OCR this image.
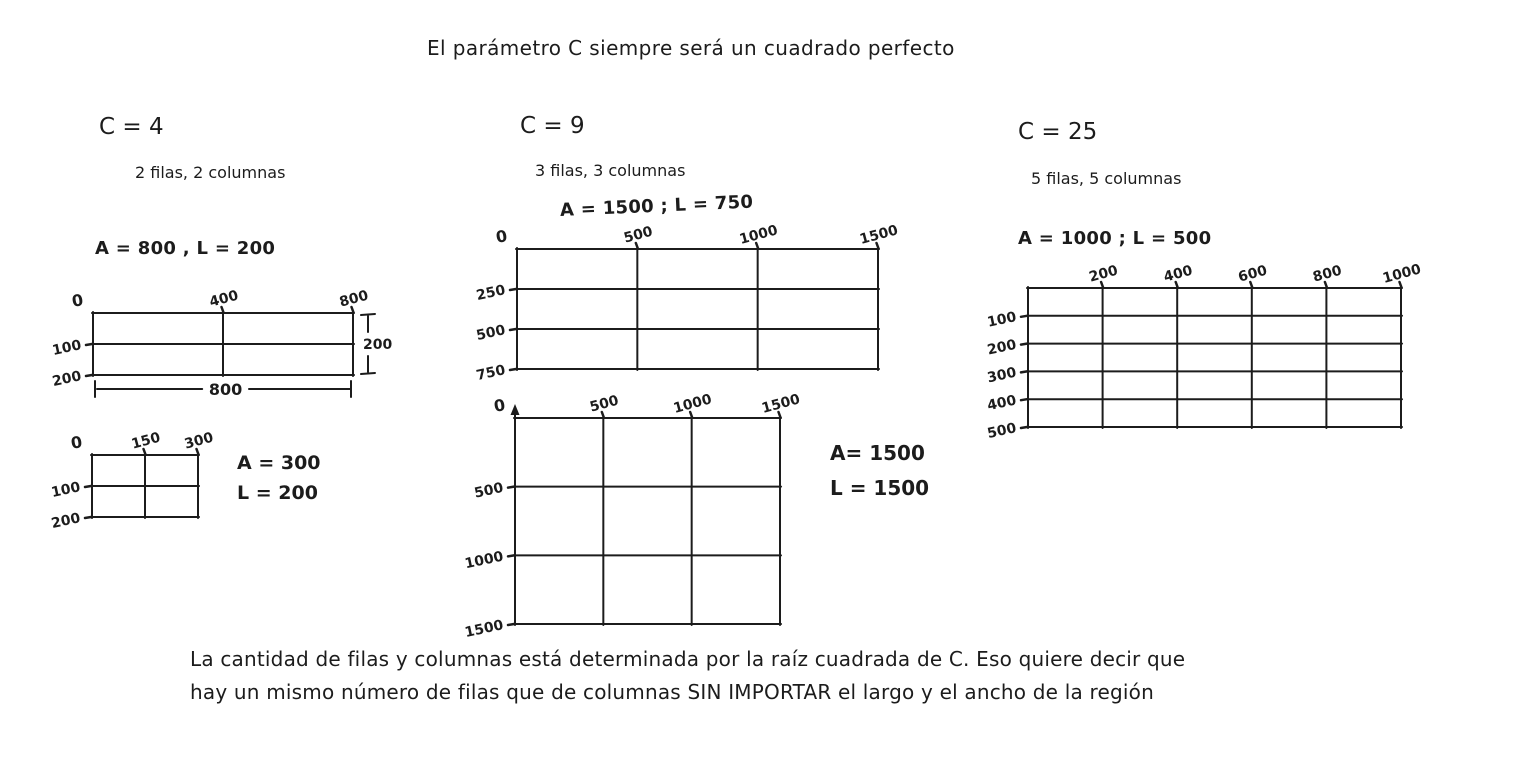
El parámetro C siempre será un cuadrado perfecto
C = 4
2 filas, 2 columnas
A = 800 , L = 200
C = 9
3 filas, 3 columnas
A = 1500 ; L = 750
C = 25
5 filas, 5 columnas
A = 1000 ; L = 500
La cantidad de filas y columnas está determinada por la raíz cuadrada de C. Eso quiere decir que
hay un mismo número de filas que de columnas SIN IMPORTAR el largo y el ancho de la región
400	800
100
200
0
200
800
150 300
100
200
0
A = 300
L = 200
500	1000	1500
250
500
750
0
500	1000	1500
500
1000
1500
0
A= 1500
L = 1500
200	400	600	800	1000
100
200
300
400
500
